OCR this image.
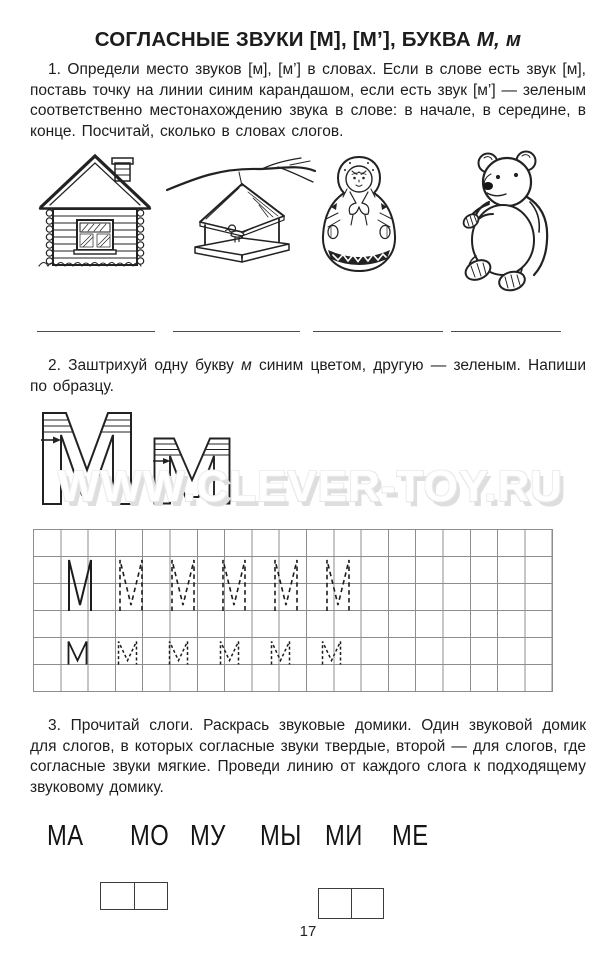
СОГЛАСНЫЕ ЗВУКИ [М], [М’], БУКВА М, м
1. Определи место звуков [м], [м’] в словах. Если в слове есть звук [м], поставь точку на линии синим карандашом, если есть звук [м’] — зеленым соответственно местонахождению звука в слове: в начале, в середине, в конце. Посчитай, сколько в словах слогов.
2. Заштрихуй одну букву м синим цветом, другую — зеленым. Напиши по образцу.
WWW.CLEVER-TOY.RU
3. Прочитай слоги. Раскрась звуковые домики. Один звуковой домик для слогов, в которых согласные звуки твердые, второй — для слогов, где согласные звуки мягкие. Проведи линию от каждого слога к подходящему звуковому домику.
МА МО МУ МЫ МИ МЕ
17
